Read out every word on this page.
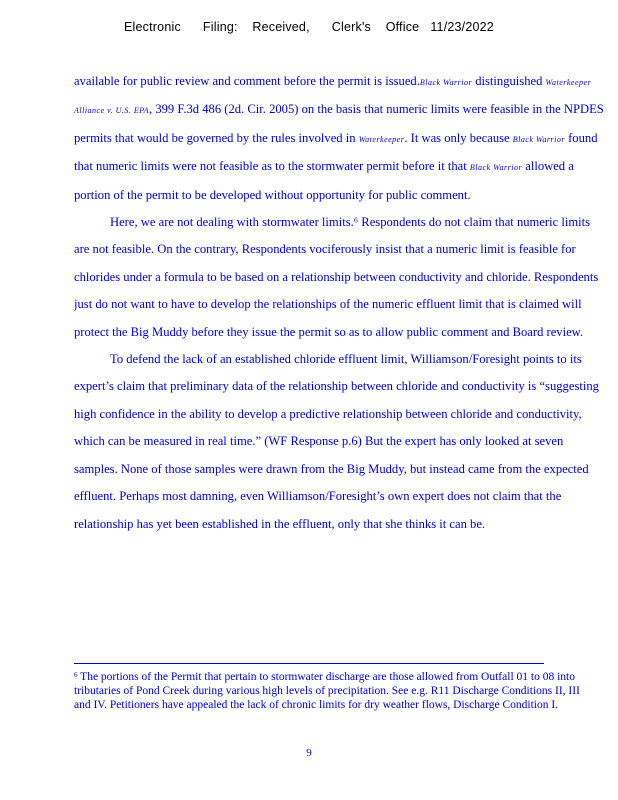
Electronic      Filing:    Received,      Clerk's    Office   11/23/2022

available for public review and comment before the permit is issued.Black Warrior distinguished Waterkeeper Alliance v. U.S. EPA, 399 F.3d 486 (2d. Cir. 2005) on the basis that numeric limits were feasible in the NPDES permits that would be governed by the rules involved in Waterkeeper. It was only because Black Warrior found that numeric limits were not feasible as to the stormwater permit before it that Black Warrior allowed a portion of the permit to be developed without opportunity for public comment.

Here, we are not dealing with stormwater limits.⁶ Respondents do not claim that numeric limits are not feasible. On the contrary, Respondents vociferously insist that a numeric limit is feasible for chlorides under a formula to be based on a relationship between conductivity and chloride. Respondents just do not want to have to develop the relationships of the numeric effluent limit that is claimed will protect the Big Muddy before they issue the permit so as to allow public comment and Board review.

To defend the lack of an established chloride effluent limit, Williamson/Foresight points to its expert’s claim that preliminary data of the relationship between chloride and conductivity is “suggesting high confidence in the ability to develop a predictive relationship between chloride and conductivity, which can be measured in real time.” (WF Response p.6) But the expert has only looked at seven samples. None of those samples were drawn from the Big Muddy, but instead came from the expected effluent. Perhaps most damning, even Williamson/Foresight’s own expert does not claim that the relationship has yet been established in the effluent, only that she thinks it can be.

$^6$ The portions of the Permit that pertain to stormwater discharge are those allowed from Outfall 01 to 08 into tributaries of Pond Creek during various high levels of precipitation. See e.g. R11 Discharge Conditions II, III and IV. Petitioners have appealed the lack of chronic limits for dry weather flows, Discharge Condition I.
9
